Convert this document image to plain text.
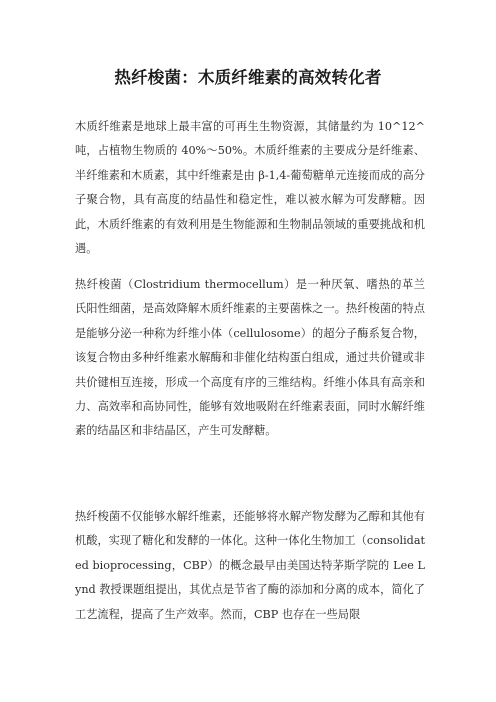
热纤梭菌：木质纤维素的高效转化者

木质纤维素是地球上最丰富的可再生生物资源，其储量约为 10^12^吨，占植物生物质的 40%～50%。木质纤维素的主要成分是纤维素、半纤维素和木质素，其中纤维素是由 β-1,4-葡萄糖单元连接而成的高分子聚合物，具有高度的结晶性和稳定性，难以被水解为可发酵糖。因此，木质纤维素的有效利用是生物能源和生物制品领域的重要挑战和机遇。

热纤梭菌（Clostridium thermocellum）是一种厌氧、嗜热的革兰氏阳性细菌，是高效降解木质纤维素的主要菌株之一。热纤梭菌的特点是能够分泌一种称为纤维小体（cellulosome）的超分子酶系复合物，该复合物由多种纤维素水解酶和非催化结构蛋白组成，通过共价键或非共价键相互连接，形成一个高度有序的三维结构。纤维小体具有高亲和力、高效率和高协同性，能够有效地吸附在纤维素表面，同时水解纤维素的结晶区和非结晶区，产生可发酵糖。

热纤梭菌不仅能够水解纤维素，还能够将水解产物发酵为乙醇和其他有机酸，实现了糖化和发酵的一体化。这种一体化生物加工（consolidated bioprocessing，CBP）的概念最早由美国达特茅斯学院的 Lee Lynd 教授课题组提出，其优点是节省了酶的添加和分离的成本，简化了工艺流程，提高了生产效率。然而，CBP 也存在一些局限
